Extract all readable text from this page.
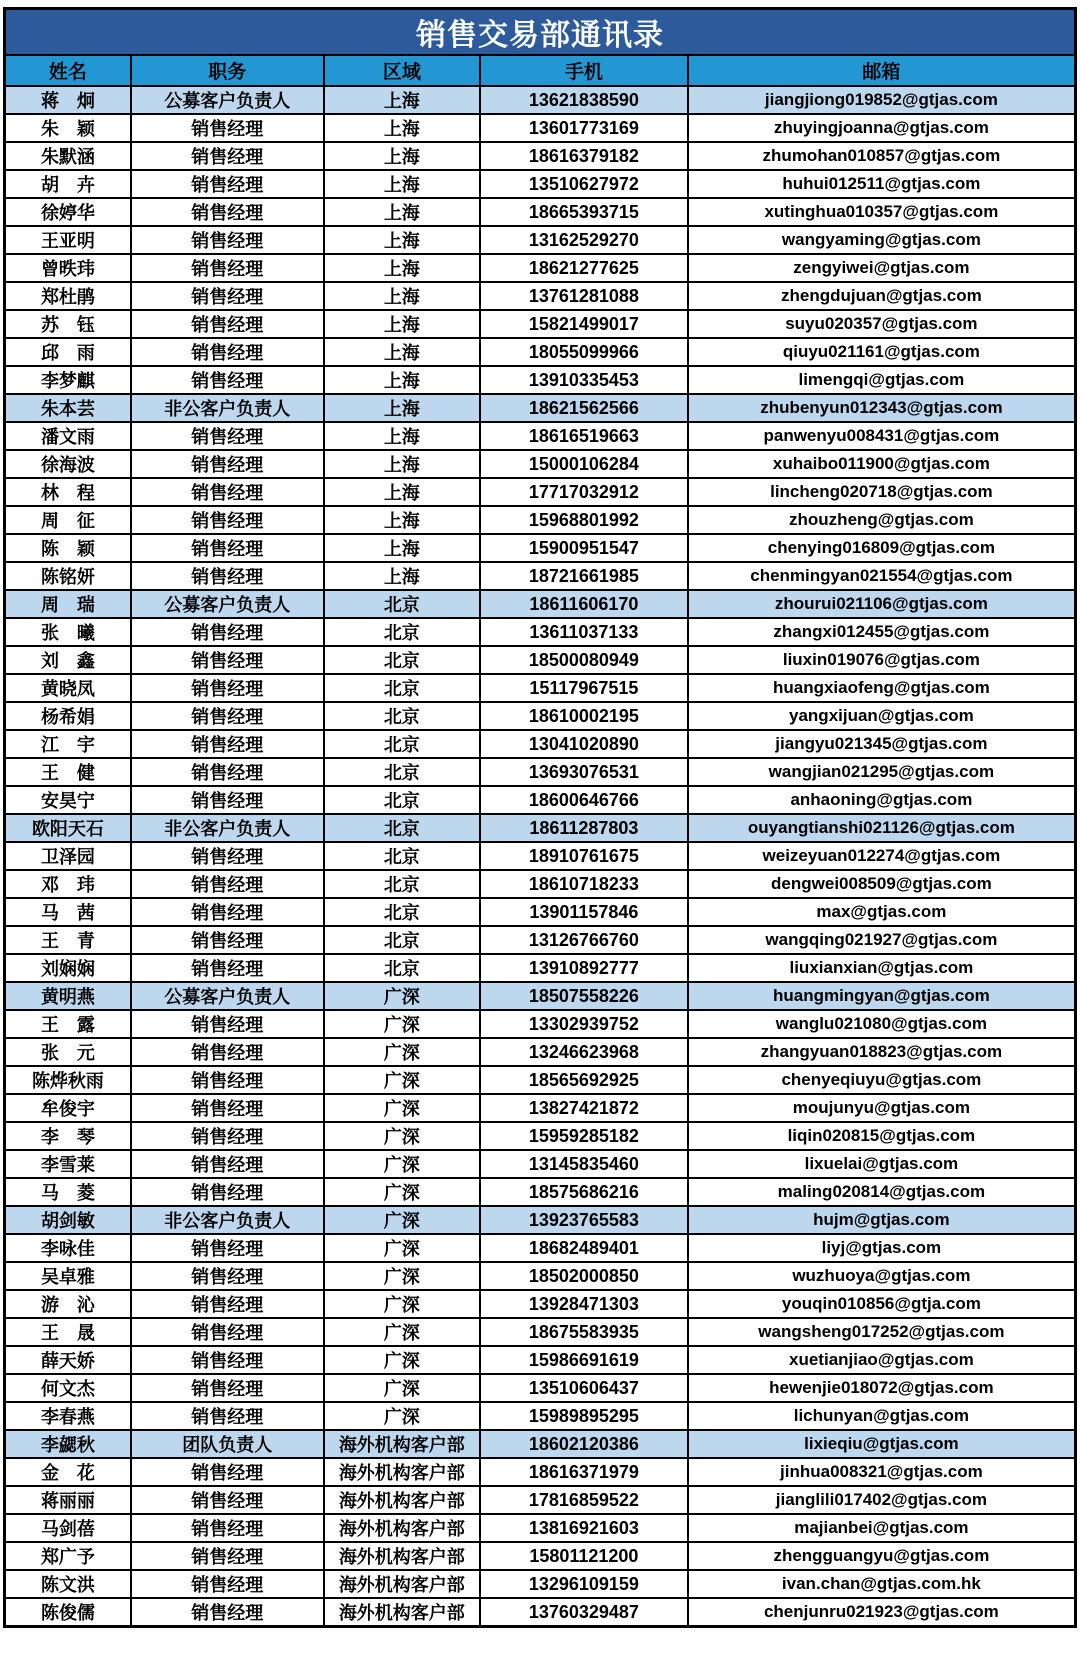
销售交易部通讯录				
姓名	职务	区域	手机	邮箱
蒋　炯	公募客户负责人	上海	13621838590	jiangjiong019852@gtjas.com
朱　颖	销售经理	上海	13601773169	zhuyingjoanna@gtjas.com
朱默涵	销售经理	上海	18616379182	zhumohan010857@gtjas.com
胡　卉	销售经理	上海	13510627972	huhui012511@gtjas.com
徐婷华	销售经理	上海	18665393715	xutinghua010357@gtjas.com
王亚明	销售经理	上海	13162529270	wangyaming@gtjas.com
曾昳玮	销售经理	上海	18621277625	zengyiwei@gtjas.com
郑杜鹃	销售经理	上海	13761281088	zhengdujuan@gtjas.com
苏　钰	销售经理	上海	15821499017	suyu020357@gtjas.com
邱　雨	销售经理	上海	18055099966	qiuyu021161@gtjas.com
李梦麒	销售经理	上海	13910335453	limengqi@gtjas.com
朱本芸	非公客户负责人	上海	18621562566	zhubenyun012343@gtjas.com
潘文雨	销售经理	上海	18616519663	panwenyu008431@gtjas.com
徐海波	销售经理	上海	15000106284	xuhaibo011900@gtjas.com
林　程	销售经理	上海	17717032912	lincheng020718@gtjas.com
周　征	销售经理	上海	15968801992	zhouzheng@gtjas.com
陈　颖	销售经理	上海	15900951547	chenying016809@gtjas.com
陈铭妍	销售经理	上海	18721661985	chenmingyan021554@gtjas.com
周　瑞	公募客户负责人	北京	18611606170	zhourui021106@gtjas.com
张　曦	销售经理	北京	13611037133	zhangxi012455@gtjas.com
刘　鑫	销售经理	北京	18500080949	liuxin019076@gtjas.com
黄晓凤	销售经理	北京	15117967515	huangxiaofeng@gtjas.com
杨希娟	销售经理	北京	18610002195	yangxijuan@gtjas.com
江　宇	销售经理	北京	13041020890	jiangyu021345@gtjas.com
王　健	销售经理	北京	13693076531	wangjian021295@gtjas.com
安昊宁	销售经理	北京	18600646766	anhaoning@gtjas.com
欧阳天石	非公客户负责人	北京	18611287803	ouyangtianshi021126@gtjas.com
卫泽园	销售经理	北京	18910761675	weizeyuan012274@gtjas.com
邓　玮	销售经理	北京	18610718233	dengwei008509@gtjas.com
马　茜	销售经理	北京	13901157846	max@gtjas.com
王　青	销售经理	北京	13126766760	wangqing021927@gtjas.com
刘娴娴	销售经理	北京	13910892777	liuxianxian@gtjas.com
黄明燕	公募客户负责人	广深	18507558226	huangmingyan@gtjas.com
王　露	销售经理	广深	13302939752	wanglu021080@gtjas.com
张　元	销售经理	广深	13246623968	zhangyuan018823@gtjas.com
陈烨秋雨	销售经理	广深	18565692925	chenyeqiuyu@gtjas.com
牟俊宇	销售经理	广深	13827421872	moujunyu@gtjas.com
李　琴	销售经理	广深	15959285182	liqin020815@gtjas.com
李雪莱	销售经理	广深	13145835460	lixuelai@gtjas.com
马　菱	销售经理	广深	18575686216	maling020814@gtjas.com
胡剑敏	非公客户负责人	广深	13923765583	hujm@gtjas.com
李咏佳	销售经理	广深	18682489401	liyj@gtjas.com
吴卓雅	销售经理	广深	18502000850	wuzhuoya@gtjas.com
游　沁	销售经理	广深	13928471303	youqin010856@gtja.com
王　晟	销售经理	广深	18675583935	wangsheng017252@gtjas.com
薛天娇	销售经理	广深	15986691619	xuetianjiao@gtjas.com
何文杰	销售经理	广深	13510606437	hewenjie018072@gtjas.com
李春燕	销售经理	广深	15989895295	lichunyan@gtjas.com
李勰秋	团队负责人	海外机构客户部	18602120386	lixieqiu@gtjas.com
金　花	销售经理	海外机构客户部	18616371979	jinhua008321@gtjas.com
蒋丽丽	销售经理	海外机构客户部	17816859522	jianglili017402@gtjas.com
马剑蓓	销售经理	海外机构客户部	13816921603	majianbei@gtjas.com
郑广予	销售经理	海外机构客户部	15801121200	zhengguangyu@gtjas.com
陈文洪	销售经理	海外机构客户部	13296109159	ivan.chan@gtjas.com.hk
陈俊儒	销售经理	海外机构客户部	13760329487	chenjunru021923@gtjas.com
